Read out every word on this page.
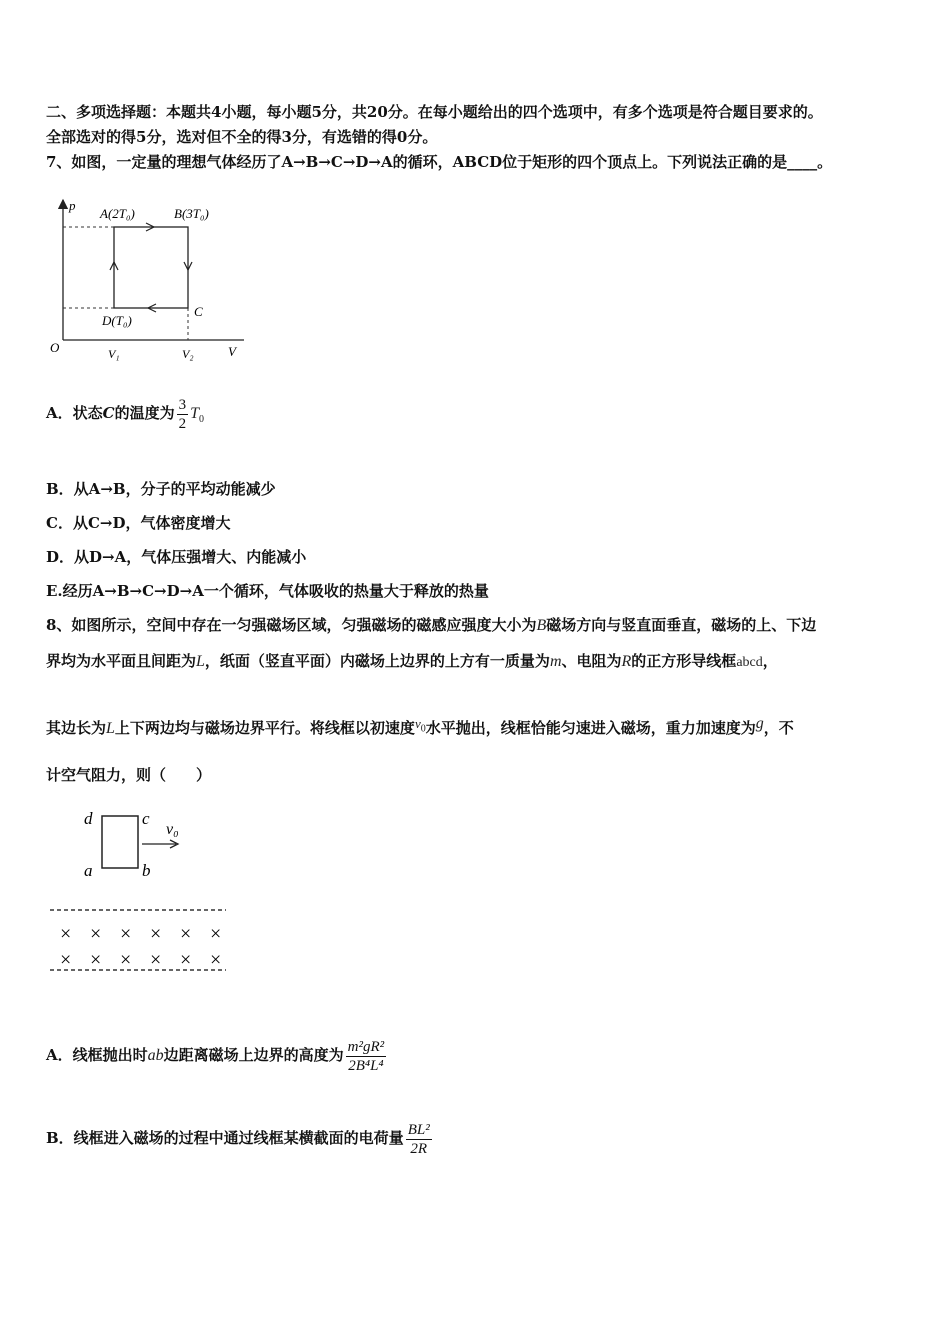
二、多项选择题：本题共4小题，每小题5分，共20分。在每小题给出的四个选项中，有多个选项是符合题目要求的。
全部选对的得5分，选对但不全的得3分，有选错的得0分。
7、如图，一定量的理想气体经历了A→B→C→D→A的循环，ABCD位于矩形的四个顶点上。下列说法正确的是____。
p
A(2T₀)	B(3T₀)
C
D(T₀)
O	V₁	V₂	V
A．状态C的温度为 $\frac{3}{2} T_0$
B．从A→B，分子的平均动能减少
C．从C→D，气体密度增大
D．从D→A，气体压强增大、内能减小
E.经历A→B→C→D→A一个循环，气体吸收的热量大于释放的热量
8、如图所示，空间中存在一匀强磁场区域，匀强磁场的磁感应强度大小为B磁场方向与竖直面垂直，磁场的上、下边
界均为水平面且间距为L，纸面（竖直平面）内磁场上边界的上方有一质量为m、电阻为R的正方形导线框abcd，
其边长为L上下两边均与磁场边界平行。将线框以初速度$v_0$水平抛出，线框恰能匀速进入磁场，重力加速度为g，不
计空气阻力，则（　　）
d	c
a	b
v₀
× × × × × ×
× × × × × ×
A．线框抛出时ab边距离磁场上边界的高度为 $\frac{\text{m²gR²}}{\text{2B⁴L⁴}}$
B．线框进入磁场的过程中通过线框某横截面的电荷量 $\frac{\text{BL²}}{2R}$
